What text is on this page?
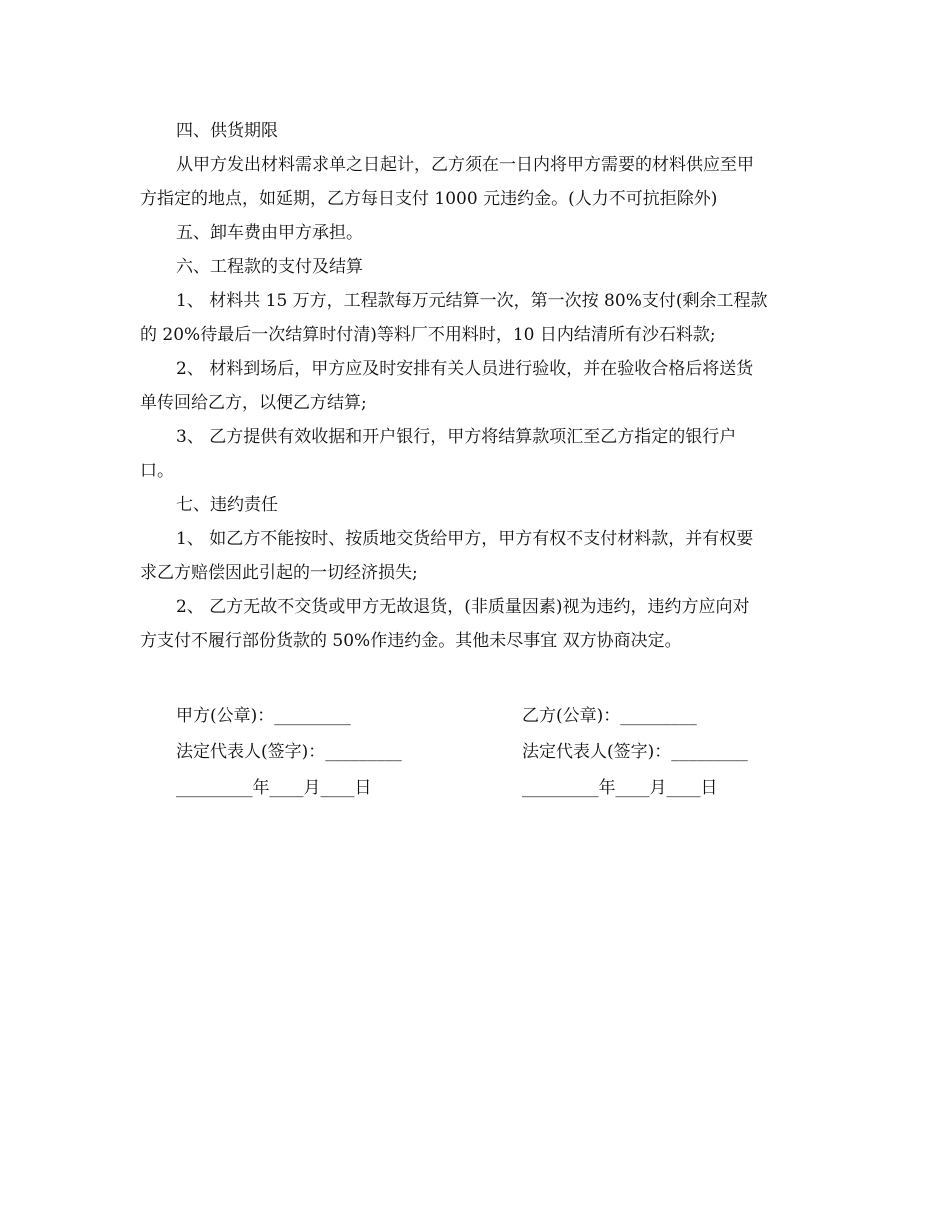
四、供货期限

从甲方发出材料需求单之日起计，乙方须在一日内将甲方需要的材料供应至甲

方指定的地点，如延期，乙方每日支付 1000 元违约金。(人力不可抗拒除外)

五、卸车费由甲方承担。

六、工程款的支付及结算

1、 材料共 15 万方，工程款每万元结算一次，第一次按 80%支付(剩余工程款

的 20%待最后一次结算时付清)等料厂不用料时，10 日内结清所有沙石料款;

2、 材料到场后，甲方应及时安排有关人员进行验收，并在验收合格后将送货

单传回给乙方，以便乙方结算;

3、 乙方提供有效收据和开户银行，甲方将结算款项汇至乙方指定的银行户

口。

七、违约责任

1、 如乙方不能按时、按质地交货给甲方，甲方有权不支付材料款，并有权要

求乙方赔偿因此引起的一切经济损失;

2、 乙方无故不交货或甲方无故退货，(非质量因素)视为违约，违约方应向对

方支付不履行部份货款的 50%作违约金。其他未尽事宜 双方协商决定。

甲方(公章)：_________	乙方(公章)：_________
法定代表人(签字)：_________	法定代表人(签字)：_________
_________年____月____日	_________年____月____日
